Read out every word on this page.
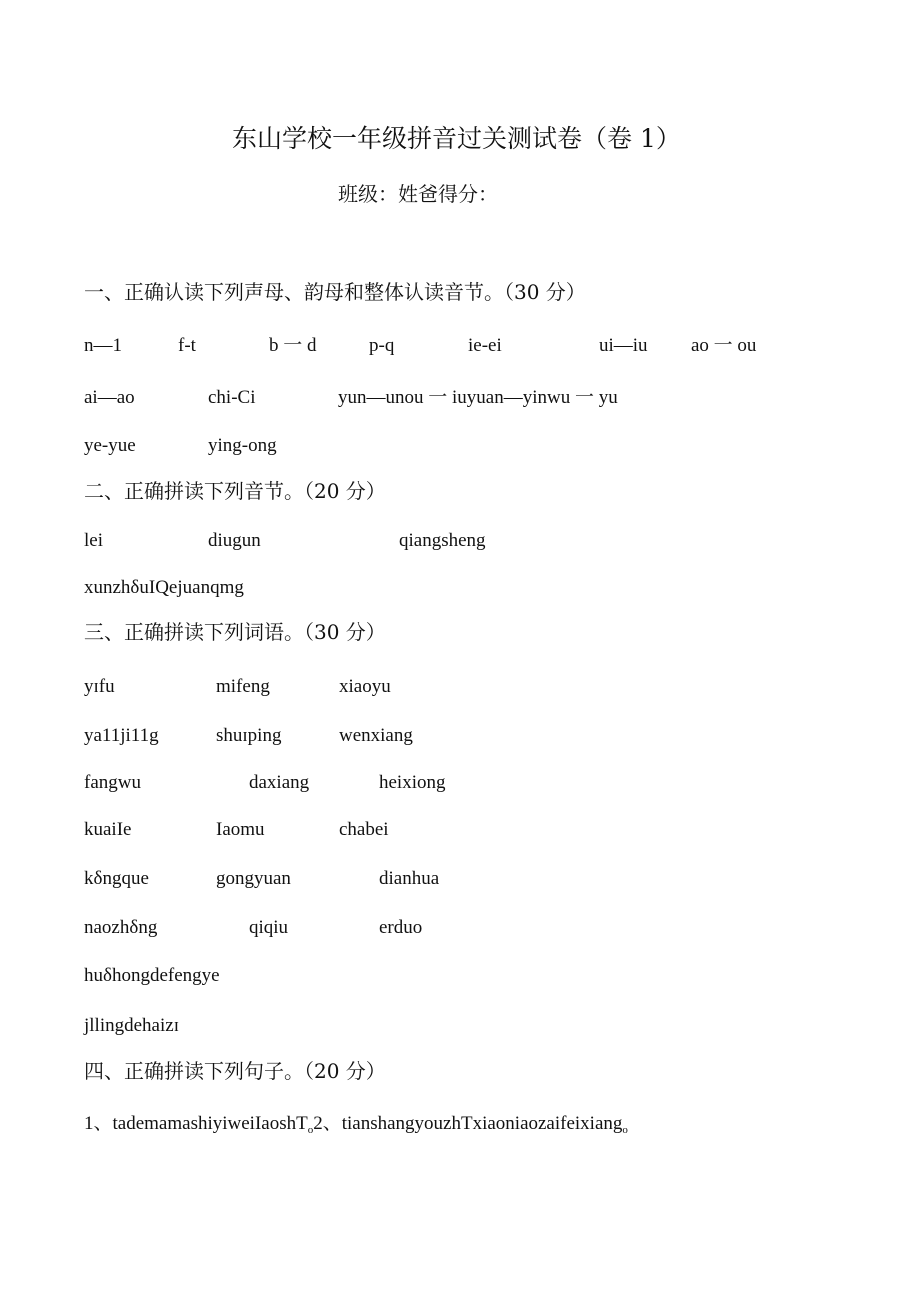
东山学校一年级拼音过关测试卷（卷 1）
班级：姓爸得分：
一、正确认读下列声母、韵母和整体认读音节。（30 分）
n—1	f-t	b 一 d	p-q	ie-ei	ui—iu ao 一 ou
ai—ao	chi-Ci	yun—unou 一 iuyuan—yinwu 一 yu
ye-yue	ying-ong
二、正确拼读下列音节。（20 分）
lei	diugun	qiangsheng
xunzhδuIQejuanqmg
三、正确拼读下列词语。（30 分）
yɪfu	mifeng	xiaoyu
ya11ji11g	shuɪping	wenxiang
fangwu	daxiang	heixiong
kuaiIe	Iaomu	chabei
kδngque	gongyuan	dianhua
naozhδng	qiqiu	erduo
huδhongdefengye
jllingdehaizɪ
四、正确拼读下列句子。（20 分）
1、tademamashiyiweiIaoshT$_o$2、tianshangyouzhTxiaoniaozaifeixiang$_o$
